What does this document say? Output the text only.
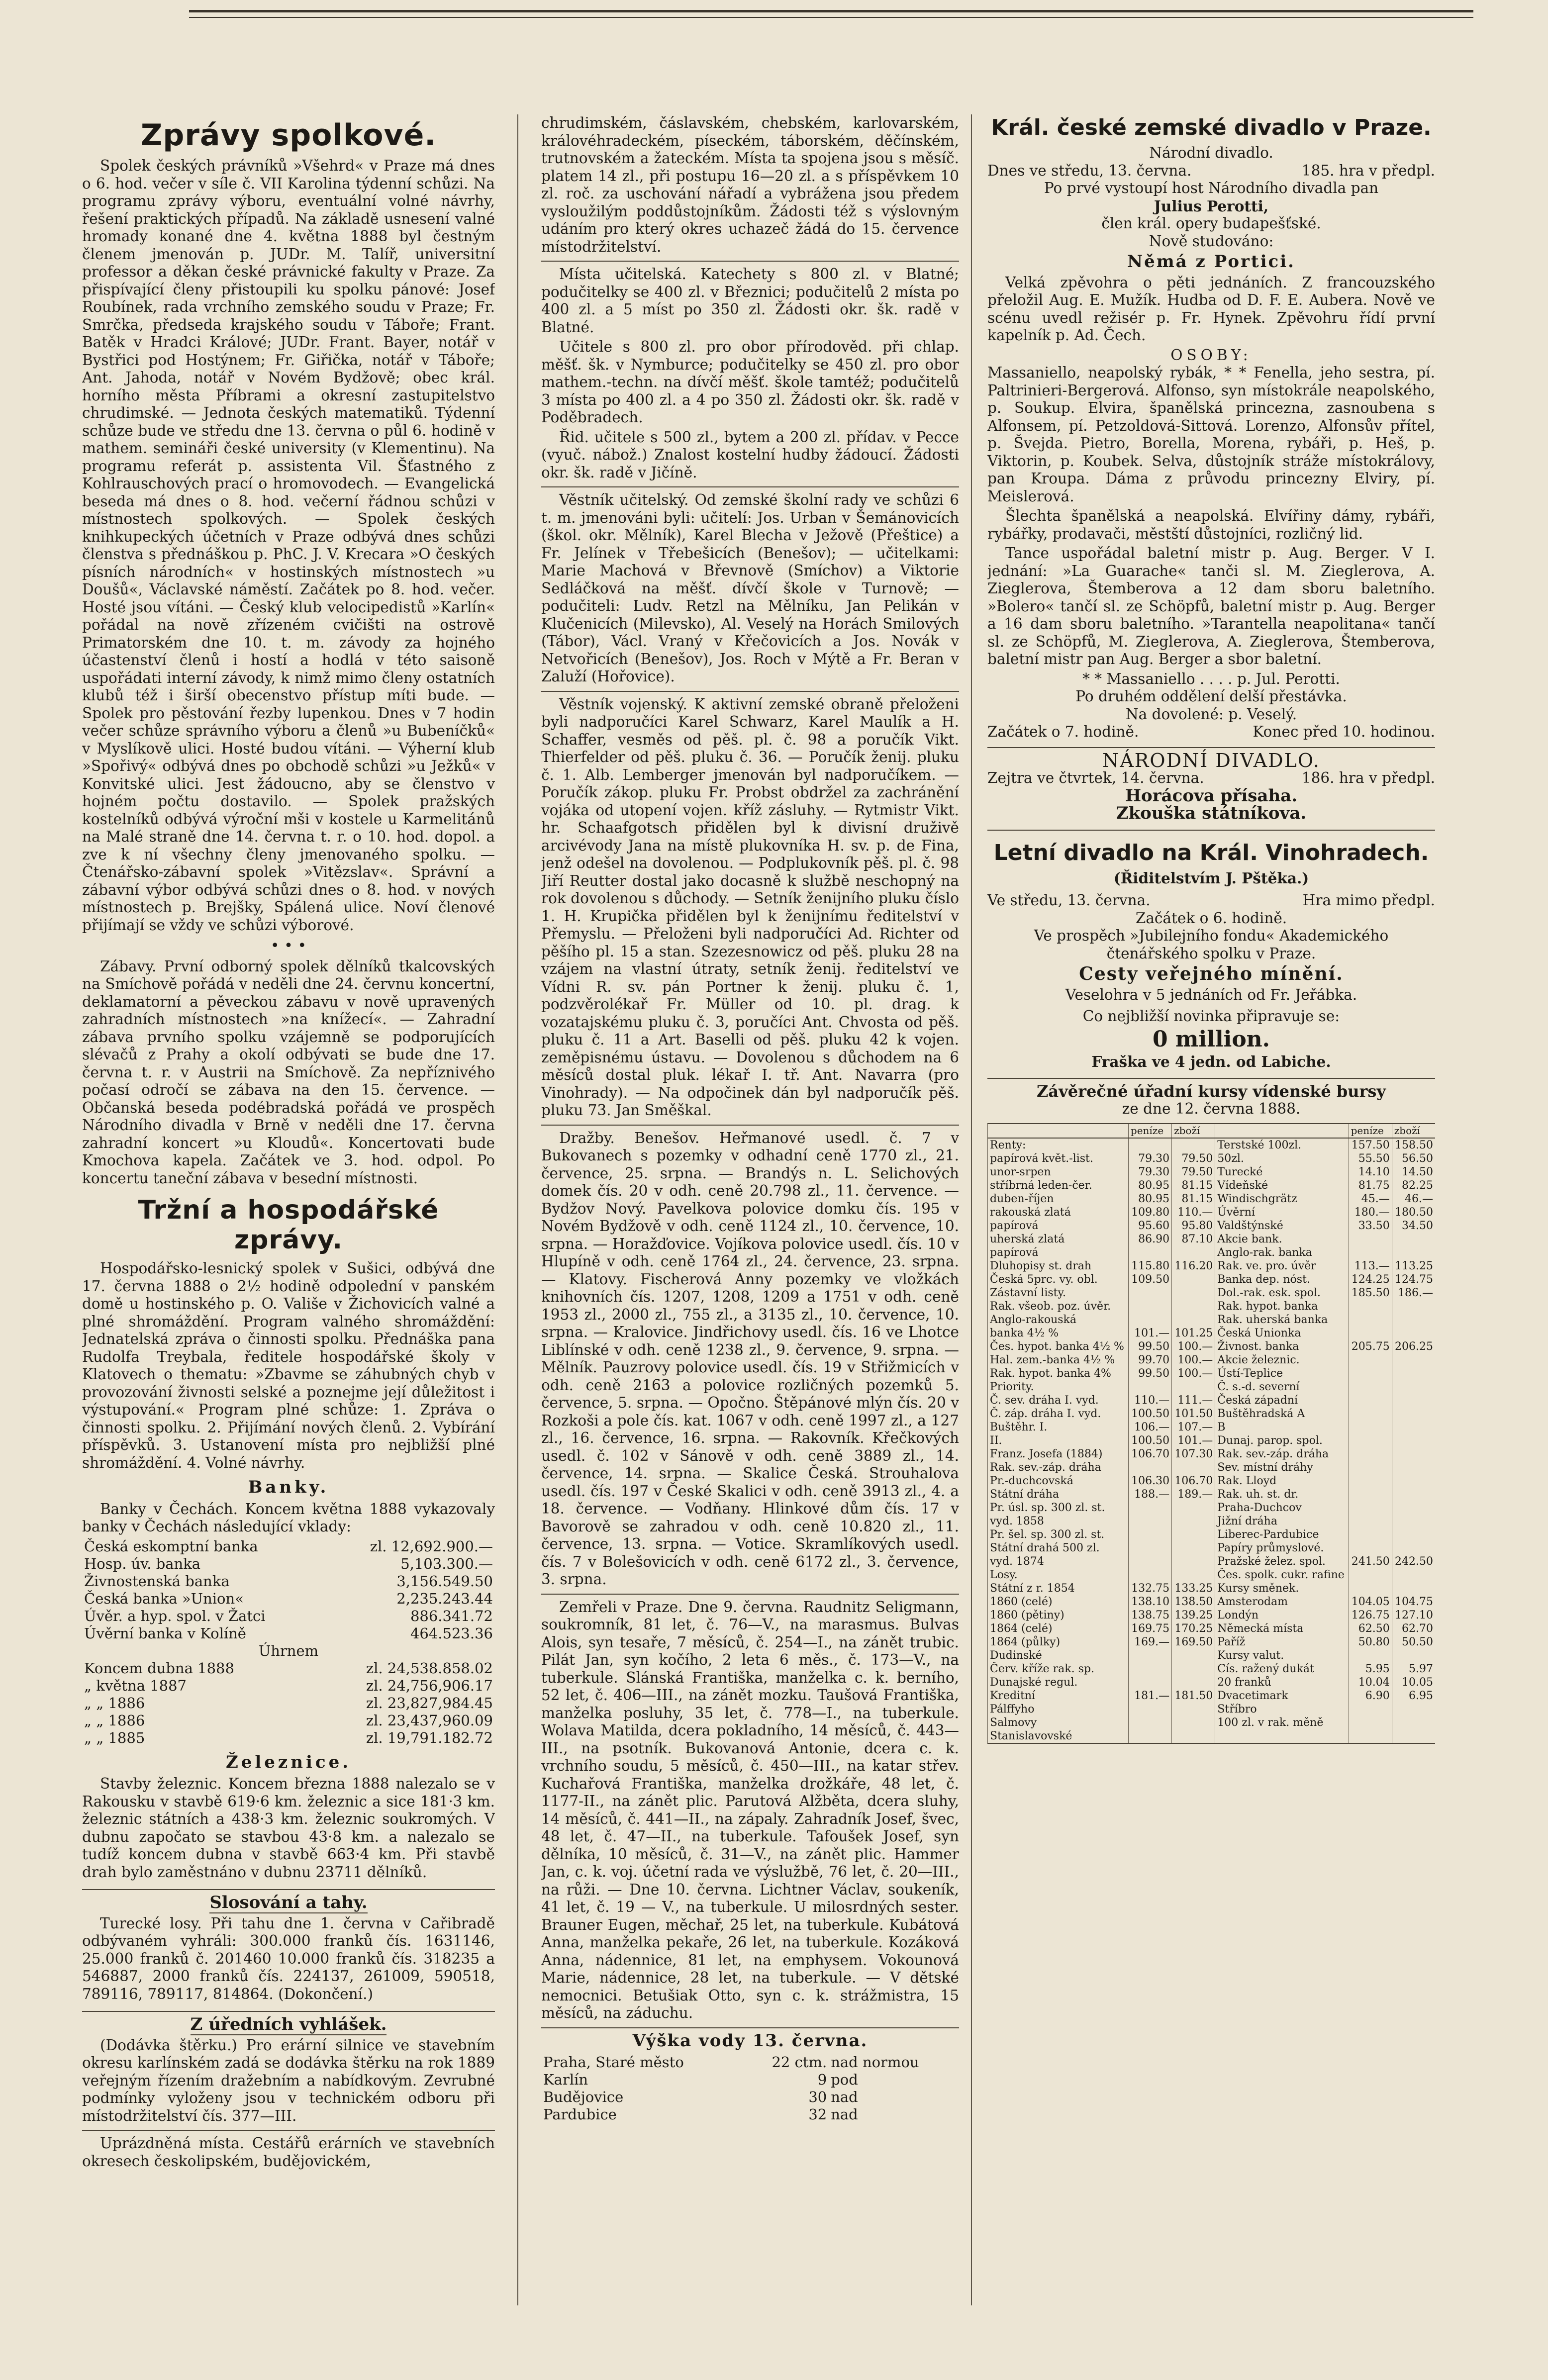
Zprávy spolkové.

Spolek českých právníků »Všehrd« v Praze má dnes o 6. hod. večer v síle č. VII Karolina týdenní schůzi. Na programu zprávy výboru, eventuální volné návrhy, řešení praktických případů. Na základě usnesení valné hromady konané dne 4. května 1888 byl čestným členem jmenován p. JUDr. M. Talíř, universitní professor a děkan české právnické fakulty v Praze. Za přispívající členy přistoupili ku spolku pánové: Josef Roubínek, rada vrchního zemského soudu v Praze; Fr. Smrčka, předseda krajského soudu v Táboře; Frant. Batěk v Hradci Králové; JUDr. Frant. Bayer, notář v Bystřici pod Hostýnem; Fr. Giřička, notář v Táboře; Ant. Jahoda, notář v Novém Bydžově; obec král. horního města Příbrami a okresní zastupitelstvo chrudimské. — Jednota českých matematiků. Týdenní schůze bude ve středu dne 13. června o půl 6. hodině v mathem. semináři české university (v Klementinu). Na programu referát p. assistenta Vil. Šťastného z Kohlrauschových prací o hromovodech. — Evangelická beseda má dnes o 8. hod. večerní řádnou schůzi v místnostech spolkových. — Spolek českých knihkupeckých účetních v Praze odbývá dnes schůzi členstva s přednáškou p. PhC. J. V. Krecara »O českých písních národních« v hostinských místnostech »u Doušů«, Václavské náměstí. Začátek po 8. hod. večer. Hosté jsou vítáni. — Český klub velocipedistů »Karlín« pořádal na nově zřízeném cvičišti na ostrově Primatorském dne 10. t. m. závody za hojného účastenství členů i hostí a hodlá v této saisoně uspořádati interní závody, k nimž mimo členy ostatních klubů též i širší obecenstvo přístup míti bude. — Spolek pro pěstování řezby lupenkou. Dnes v 7 hodin večer schůze správního výboru a členů »u Bubeníčků« v Myslíkově ulici. Hosté budou vítáni. — Výherní klub »Spořivý« odbývá dnes po obchodě schůzi »u Ježků« v Konvitské ulici. Jest žádoucno, aby se členstvo v hojném počtu dostavilo. — Spolek pražských kostelníků odbývá výroční mši v kostele u Karmelitánů na Malé straně dne 14. června t. r. o 10. hod. dopol. a zve k ní všechny členy jmenovaného spolku. — Čtenářsko-zábavní spolek »Vitězslav«. Správní a zábavní výbor odbývá schůzi dnes o 8. hod. v nových místnostech p. Brejšky, Spálená ulice. Noví členové přijímají se vždy ve schůzi výborové.

• • •

Zábavy. První odborný spolek dělníků tkalcovských na Smíchově pořádá v neděli dne 24. červnu koncertní, deklamatorní a pěveckou zábavu v nově upravených zahradních místnostech »na knížecí«. — Zahradní zábava prvního spolku vzájemně se podporujících slévačů z Prahy a okolí odbývati se bude dne 17. června t. r. v Austrii na Smíchově. Za nepříznivého počasí odročí se zábava na den 15. července. — Občanská beseda podébradská pořádá ve prospěch Národního divadla v Brně v neděli dne 17. června zahradní koncert »u Kloudů«. Koncertovati bude Kmochova kapela. Začátek ve 3. hod. odpol. Po koncertu taneční zábava v besední místnosti.

Tržní a hospodářské zprávy.

Hospodářsko-lesnický spolek v Sušici, odbývá dne 17. června 1888 o 2½ hodině odpolední v panském domě u hostinského p. O. Vališe v Žichovicích valné a plné shromáždění. Program valného shromáždění: Jednatelská zpráva o činnosti spolku. Přednáška pana Rudolfa Treybala, ředitele hospodářské školy v Klatovech o thematu: »Zbavme se záhubných chyb v provozování živnosti selské a poznejme její důležitost i výstupování.« Program plné schůze: 1. Zpráva o činnosti spolku. 2. Přijímání nových členů. 2. Vybírání příspěvků. 3. Ustanovení místa pro nejbližší plné shromáždění. 4. Volné návrhy.

Banky.

Banky v Čechách. Koncem května 1888 vykazovaly banky v Čechách následující vklady:

Česká eskomptní banka	zl. 12,692.900.—
Hosp. úv. banka	5,103.300.—
Živnostenská banka	3,156.549.50
Česká banka »Union«	2,235.243.44
Úvěr. a hyp. spol. v Žatci	886.341.72
Úvěrní banka v Kolíně	464.523.36
Úhrnem	
Koncem dubna 1888	zl. 24,538.858.02
„ května 1887	zl. 24,756,906.17
„ „ 1886	zl. 23,827,984.45
„ „ 1886	zl. 23,437,960.09
„ „ 1885	zl. 19,791.182.72
Železnice.

Stavby železnic. Koncem března 1888 nalezalo se v Rakousku v stavbě 619·6 km. železnic a sice 181·3 km. železnic státních a 438·3 km. železnic soukromých. V dubnu započato se stavbou 43·8 km. a nalezalo se tudíž koncem dubna v stavbě 663·4 km. Při stavbě drah bylo zaměstnáno v dubnu 23711 dělníků.

Slosování a tahy.

Turecké losy. Při tahu dne 1. června v Cařibradě odbývaném vyhráli: 300.000 franků čís. 1631146, 25.000 franků č. 201460 10.000 franků čís. 318235 a 546887, 2000 franků čís. 224137, 261009, 590518, 789116, 789117, 814864. (Dokončení.)

Z úředních vyhlášek.

(Dodávka štěrku.) Pro erární silnice ve stavebním okresu karlínském zadá se dodávka štěrku na rok 1889 veřejným řízením dražebním a nabídkovým. Zevrubné podmínky vyloženy jsou v technickém odboru při místodržitelství čís. 377—III.

Uprázdněná místa. Cestářů erárních ve stavebních okresech českolipském, budějovickém,

chrudimském, čáslavském, chebském, karlovarském, královéhradeckém, píseckém, táborském, děčínském, trutnovském a žateckém. Místa ta spojena jsou s měsíč. platem 14 zl., při postupu 16—20 zl. a s příspěvkem 10 zl. roč. za uschování nářadí a vybrážena jsou předem vysloužilým poddůstojníkům. Žádosti též s výslovným udáním pro který okres uchazeč žádá do 15. července místodržitelství.

Místa učitelská. Katechety s 800 zl. v Blatné; podučitelky se 400 zl. v Březnici; podučitelů 2 místa po 400 zl. a 5 míst po 350 zl. Žádosti okr. šk. radě v Blatné.

Učitele s 800 zl. pro obor přírodověd. při chlap. měšť. šk. v Nymburce; podučitelky se 450 zl. pro obor mathem.-techn. na dívčí měšť. škole tamtéž; podučitelů 3 místa po 400 zl. a 4 po 350 zl. Žádosti okr. šk. radě v Poděbradech.

Řid. učitele s 500 zl., bytem a 200 zl. přídav. v Pecce (vyuč. nábož.) Znalost kostelní hudby žádoucí. Žádosti okr. šk. radě v Jičíně.

Věstník učitelský. Od zemské školní rady ve schůzi 6 t. m. jmenováni byli: učitelí: Jos. Urban v Šemánovicích (škol. okr. Mělník), Karel Blecha v Ježově (Přeštice) a Fr. Jelínek v Třebešicích (Benešov); — učitelkami: Marie Machová v Břevnově (Smíchov) a Viktorie Sedláčková na měšť. dívčí škole v Turnově; — podučiteli: Ludv. Retzl na Mělníku, Jan Pelikán v Klučenicích (Milevsko), Al. Veselý na Horách Smilových (Tábor), Václ. Vraný v Křečovicích a Jos. Novák v Netvořicích (Benešov), Jos. Roch v Mýtě a Fr. Beran v Zaluží (Hořovice).

Věstník vojenský. K aktivní zemské obraně přeloženi byli nadporučíci Karel Schwarz, Karel Maulík a H. Schaffer, vesměs od pěš. pl. č. 98 a poručík Vikt. Thierfelder od pěš. pluku č. 36. — Poručík ženij. pluku č. 1. Alb. Lemberger jmenován byl nadporučíkem. — Poručík zákop. pluku Fr. Probst obdržel za zachránění vojáka od utopení vojen. kříž zásluhy. — Rytmistr Vikt. hr. Schaafgotsch přidělen byl k divisní druživě arcivévody Jana na místě plukovníka H. sv. p. de Fina, jenž odešel na dovolenou. — Podplukovník pěš. pl. č. 98 Jiří Reutter dostal jako docasně k službě neschopný na rok dovolenou s důchody. — Setník ženijního pluku číslo 1. H. Krupička přidělen byl k ženijnímu ředitelství v Přemyslu. — Přeloženi byli nadporučíci Ad. Richter od pěšího pl. 15 a stan. Szezesnowicz od pěš. pluku 28 na vzájem na vlastní útraty, setník ženij. ředitelství ve Vídni R. sv. pán Portner k ženij. pluku č. 1, podzvěrolékař Fr. Müller od 10. pl. drag. k vozatajskému pluku č. 3, poručíci Ant. Chvosta od pěš. pluku č. 11 a Art. Baselli od pěš. pluku 42 k vojen. zeměpisnému ústavu. — Dovolenou s důchodem na 6 měsíců dostal pluk. lékař I. tř. Ant. Navarra (pro Vinohrady). — Na odpočinek dán byl nadporučík pěš. pluku 73. Jan Směškal.

Dražby. Benešov. Heřmanové usedl. č. 7 v Bukovanech s pozemky v odhadní ceně 1770 zl., 21. července, 25. srpna. — Brandýs n. L. Selichových domek čís. 20 v odh. ceně 20.798 zl., 11. července. — Bydžov Nový. Pavelkova polovice domku čís. 195 v Novém Bydžově v odh. ceně 1124 zl., 10. července, 10. srpna. — Horažďovice. Vojíkova polovice usedl. čís. 10 v Hlupíně v odh. ceně 1764 zl., 24. července, 23. srpna. — Klatovy. Fischerová Anny pozemky ve vložkách knihovních čís. 1207, 1208, 1209 a 1751 v odh. ceně 1953 zl., 2000 zl., 755 zl., a 3135 zl., 10. července, 10. srpna. — Kralovice. Jindřichovy usedl. čís. 16 ve Lhotce Liblínské v odh. ceně 1238 zl., 9. července, 9. srpna. — Mělník. Pauzrovy polovice usedl. čís. 19 v Střižmicích v odh. ceně 2163 a polovice rozličných pozemků 5. července, 5. srpna. — Opočno. Štěpánové mlýn čís. 20 v Rozkoši a pole čís. kat. 1067 v odh. ceně 1997 zl., a 127 zl., 16. července, 16. srpna. — Rakovník. Křečkových usedl. č. 102 v Sánově v odh. ceně 3889 zl., 14. července, 14. srpna. — Skalice Česká. Strouhalova usedl. čís. 197 v České Skalici v odh. ceně 3913 zl., 4. a 18. července. — Vodňany. Hlinkové dům čís. 17 v Bavorově se zahradou v odh. ceně 10.820 zl., 11. července, 13. srpna. — Votice. Skramlíkových usedl. čís. 7 v Bolešovicích v odh. ceně 6172 zl., 3. července, 3. srpna.

Zemřeli v Praze. Dne 9. června. Raudnitz Seligmann, soukromník, 81 let, č. 76—V., na marasmus. Bulvas Alois, syn tesaře, 7 měsíců, č. 254—I., na zánět trubic. Pilát Jan, syn kočího, 2 leta 6 měs., č. 173—V., na tuberkule. Slánská Františka, manželka c. k. berního, 52 let, č. 406—III., na zánět mozku. Taušová Františka, manželka posluhy, 35 let, č. 778—I., na tuberkule. Wolava Matilda, dcera pokladního, 14 měsíců, č. 443—III., na psotník. Bukovanová Antonie, dcera c. k. vrchního soudu, 5 měsíců, č. 450—III., na katar střev. Kuchařová Františka, manželka drožkáře, 48 let, č. 1177-II., na zánět plic. Parutová Alžběta, dcera sluhy, 14 měsíců, č. 441—II., na zápaly. Zahradník Josef, švec, 48 let, č. 47—II., na tuberkule. Tafoušek Josef, syn dělníka, 10 měsíců, č. 31—V., na zánět plic. Hammer Jan, c. k. voj. účetní rada ve výslužbě, 76 let, č. 20—III., na růži. — Dne 10. června. Lichtner Václav, soukeník, 41 let, č. 19 — V., na tuberkule. U milosrdných sester. Brauner Eugen, měchař, 25 let, na tuberkule. Kubátová Anna, manželka pekaře, 26 let, na tuberkule. Kozáková Anna, nádennice, 81 let, na emphysem. Vokounová Marie, nádennice, 28 let, na tuberkule. — V dětské nemocnici. Betušiak Otto, syn c. k. strážmistra, 15 měsíců, na záduchu.

Výška vody 13. června.
Praha, Staré město	22 ctm.	nad normou
Karlín	9	pod
Budějovice	30	nad
Pardubice	32	nad
Král. české zemské divadlo v Praze.
Národní divadlo.
Dnes ve středu, 13. června.	185. hra v předpl.
Po prvé vystoupí host Národního divadla pan
Julius Perotti,
člen král. opery budapešťské.
Nově studováno:
Němá z Portici.

Velká zpěvohra o pěti jednáních. Z francouzského přeložil Aug. E. Mužík. Hudba od D. F. E. Aubera. Nově ve scénu uvedl režisér p. Fr. Hynek. Zpěvohru řídí první kapelník p. Ad. Čech.

OSOBY:

Massaniello, neapolský rybák, * * Fenella, jeho sestra, pí. Paltrinieri-Bergerová. Alfonso, syn místokrále neapolského, p. Soukup. Elvira, španělská princezna, zasnoubena s Alfonsem, pí. Petzoldová-Sittová. Lorenzo, Alfonsův přítel, p. Švejda. Pietro, Borella, Morena, rybáři, p. Heš, p. Viktorin, p. Koubek. Selva, důstojník stráže místokrálovy, pan Kroupa. Dáma z průvodu princezny Elviry, pí. Meislerová.

Šlechta španělská a neapolská. Elvířiny dámy, rybáři, rybářky, prodavači, městští důstojníci, rozličný lid.

Tance uspořádal baletní mistr p. Aug. Berger. V I. jednání: »La Guarache« tanči sl. M. Zieglerova, A. Zieglerova, Štemberova a 12 dam sboru baletního. »Bolero« tančí sl. ze Schöpfů, baletní mistr p. Aug. Berger a 16 dam sboru baletního. »Tarantella neapolitana« tančí sl. ze Schöpfů, M. Zieglerova, A. Zieglerova, Štemberova, baletní mistr pan Aug. Berger a sbor baletní.

* * Massaniello . . . . p. Jul. Perotti.
Po druhém oddělení delší přestávka.
Na dovolené: p. Veselý.
Začátek o 7. hodině.	Konec před 10. hodinou.
NÁRODNÍ DIVADLO.
Zejtra ve čtvrtek, 14. června.	186. hra v předpl.
Horácova přísaha.
Zkouška státníkova.
Letní divadlo na Král. Vinohradech.
(Řiditelstvím J. Pštěka.)
Ve středu, 13. června.	Hra mimo předpl.
Začátek o 6. hodině.

Ve prospěch »Jubilejního fondu« Akademického čtenářského spolku v Praze.

Cesty veřejného mínění.
Veselohra v 5 jednáních od Fr. Jeřábka.
Co nejbližší novinka připravuje se:
0 million.
Fraška ve 4 jedn. od Labiche.
Závěrečné úřadní kursy vídenské bursy
ze dne 12. června 1888.
	peníze	zboží		peníze	zboží
Renty:			Terstské 100zl.	157.50	158.50
papírová květ.-list.	79.30	79.50	50zl.	55.50	56.50
unor-srpen	79.30	79.50	Turecké	14.10	14.50
stříbrná leden-čer.	80.95	81.15	Vídeňské	81.75	82.25
duben-říjen	80.95	81.15	Windischgrätz	45.—	46.—
rakouská zlatá	109.80	110.—	Úvěrní	180.—	180.50
papírová	95.60	95.80	Valdštýnské	33.50	34.50
uherská zlatá	86.90	87.10	Akcie bank.		
papírová			Anglo-rak. banka		
Dluhopisy st. drah	115.80	116.20	Rak. ve. pro. úvěr	113.—	113.25
Česká 5prc. vy. obl.	109.50		Banka dep. nóst.	124.25	124.75
Zástavní listy.			Dol.-rak. esk. spol.	185.50	186.—
Rak. všeob. poz. úvěr.			Rak. hypot. banka		
Anglo-rakouská			Rak. uherská banka		
banka 4½ %	101.—	101.25	Česká Unionka		
Čes. hypot. banka 4½ %	99.50	100.—	Živnost. banka	205.75	206.25
Hal. zem.-banka 4½ %	99.70	100.—	Akcie železnic.		
Rak. hypot. banka 4%	99.50	100.—	Ústí-Teplice		
Priority.			Č. s.-d. severní		
Č. sev. dráha I. vyd.	110.—	111.—	Česká západní		
Č. záp. dráha I. vyd.	100.50	101.50	Buštěhradská A		
Buštěhr. I.	106.—	107.—	B		
II.	100.50	101.—	Dunaj. parop. spol.		
Franz. Josefa (1884)	106.70	107.30	Rak. sev.-záp. dráha		
Rak. sev.-záp. dráha			Sev. místní dráhy		
Pr.-duchcovská	106.30	106.70	Rak. Lloyd		
Státní dráha	188.—	189.—	Rak. uh. st. dr.		
Pr. úsl. sp. 300 zl. st.			Praha-Duchcov		
vyd. 1858			Jižní dráha		
Pr. šel. sp. 300 zl. st.			Liberec-Pardubice		
Státní drahá 500 zl.			Papíry průmyslové.		
vyd. 1874			Pražské želez. spol.	241.50	242.50
Losy.			Čes. spolk. cukr. rafine		
Státní z r. 1854	132.75	133.25	Kursy směnek.		
1860 (celé)	138.10	138.50	Amsterodam	104.05	104.75
1860 (pětiny)	138.75	139.25	Londýn	126.75	127.10
1864 (celé)	169.75	170.25	Německá místa	62.50	62.70
1864 (půlky)	169.—	169.50	Paříž	50.80	50.50
Dudinské			Kursy valut.		
Červ. kříže rak. sp.			Cís. ražený dukát	5.95	5.97
Dunajské regul.			20 franků	10.04	10.05
Kreditní	181.—	181.50	Dvacetimark	6.90	6.95
Pálffyho			Stříbro		
Salmovy			100 zl. v rak. měně		
Stanislavovské					
